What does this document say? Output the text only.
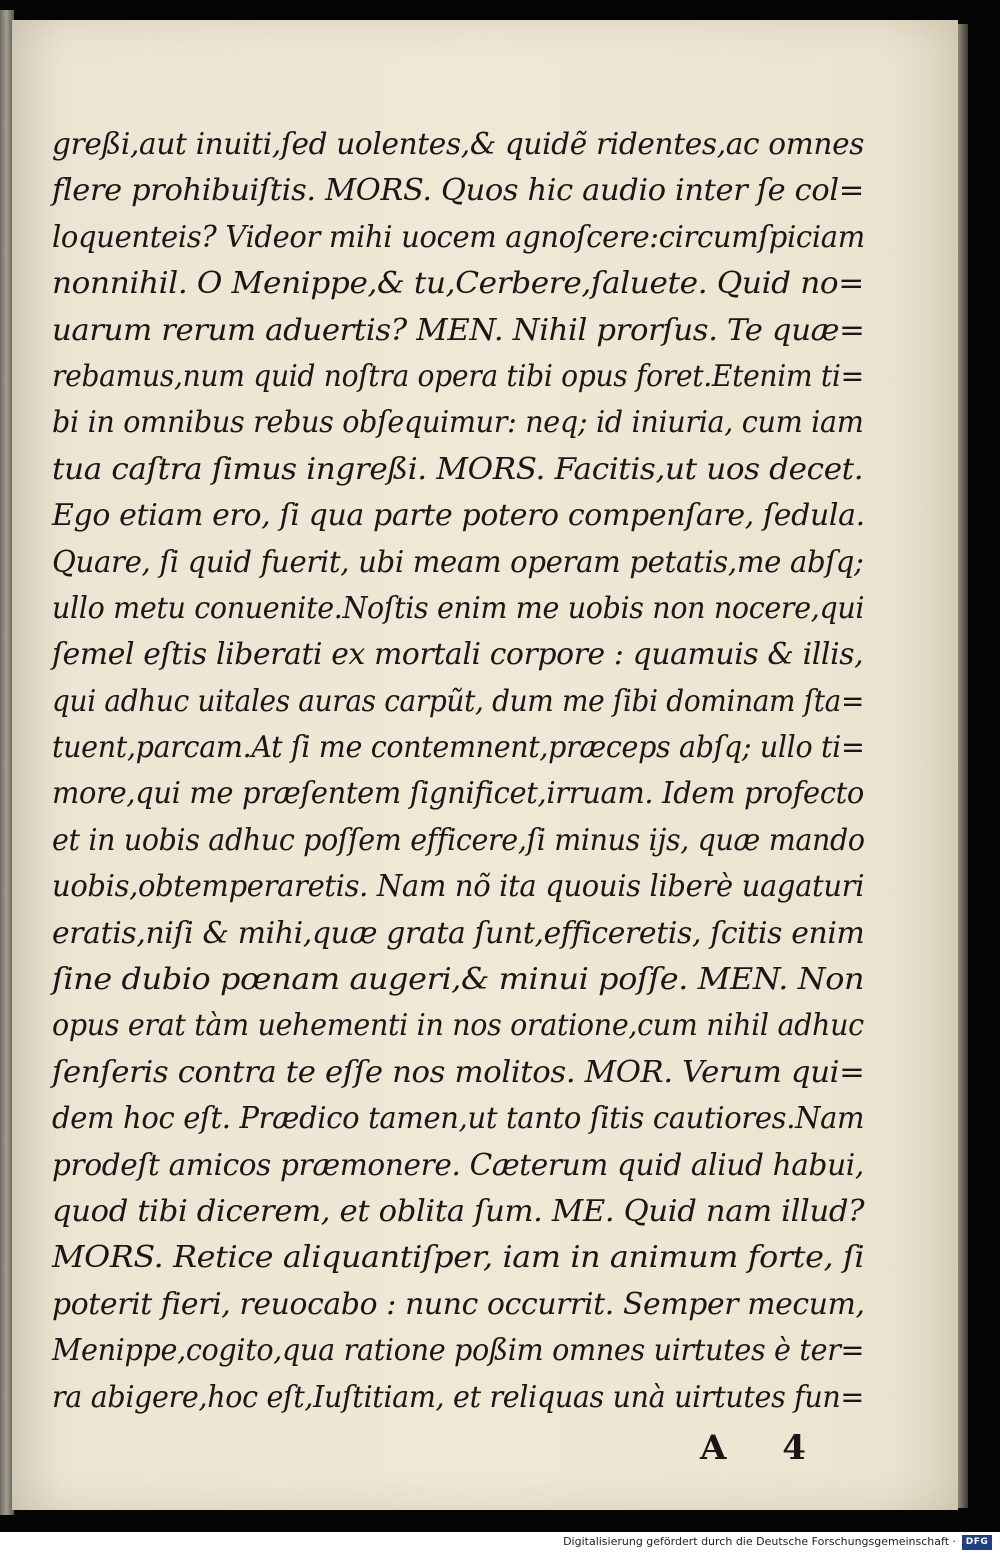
greßi,aut inuiti,ſed uolentes,& quidẽ ridentes,ac omnes
flere prohibuiſtis. MORS. Quos hic audio inter ſe col=
loquenteis? Videor mihi uocem agnoſcere:circumſpiciam
nonnihil. O Menippe,& tu,Cerbere,ſaluete. Quid no=
uarum rerum aduertis? MEN. Nihil prorſus. Te quæ=
rebamus,num quid noſtra opera tibi opus foret.Etenim ti=
bi in omnibus rebus obſequimur: neq; id iniuria, cum iam
tua caſtra ſimus ingreßi. MORS. Facitis,ut uos decet.
Ego etiam ero, ſi qua parte potero compenſare, ſedula.
Quare, ſi quid fuerit, ubi meam operam petatis,me abſq;
ullo metu conuenite.Noſtis enim me uobis non nocere,qui
ſemel eſtis liberati ex mortali corpore : quamuis & illis,
qui adhuc uitales auras carpũt, dum me ſibi dominam ſta=
tuent,parcam.At ſi me contemnent,præceps abſq; ullo ti=
more,qui me præſentem ſignificet,irruam. Idem profecto
et in uobis adhuc poſſem efficere,ſi minus ijs, quæ mando
uobis,obtemperaretis. Nam nõ ita quouis liberè uagaturi
eratis,niſi & mihi,quæ grata ſunt,efficeretis, ſcitis enim
ſine dubio pœnam augeri,& minui poſſe. MEN. Non
opus erat tàm uehementi in nos oratione,cum nihil adhuc
ſenſeris contra te eſſe nos molitos. MOR. Verum qui=
dem hoc eſt. Prædico tamen,ut tanto ſitis cautiores.Nam
prodeſt amicos præmonere. Cæterum quid aliud habui,
quod tibi dicerem, et oblita ſum. ME. Quid nam illud?
MORS. Retice aliquantiſper, iam in animum forte, ſi
poterit fieri, reuocabo : nunc occurrit. Semper mecum,
Menippe,cogito,qua ratione poßim omnes uirtutes è ter=
ra abigere,hoc eſt,Iuſtitiam, et reliquas unà uirtutes fun=
A 4
Digitalisierung gefördert durch die Deutsche Forschungsgemeinschaft ·	DFG
